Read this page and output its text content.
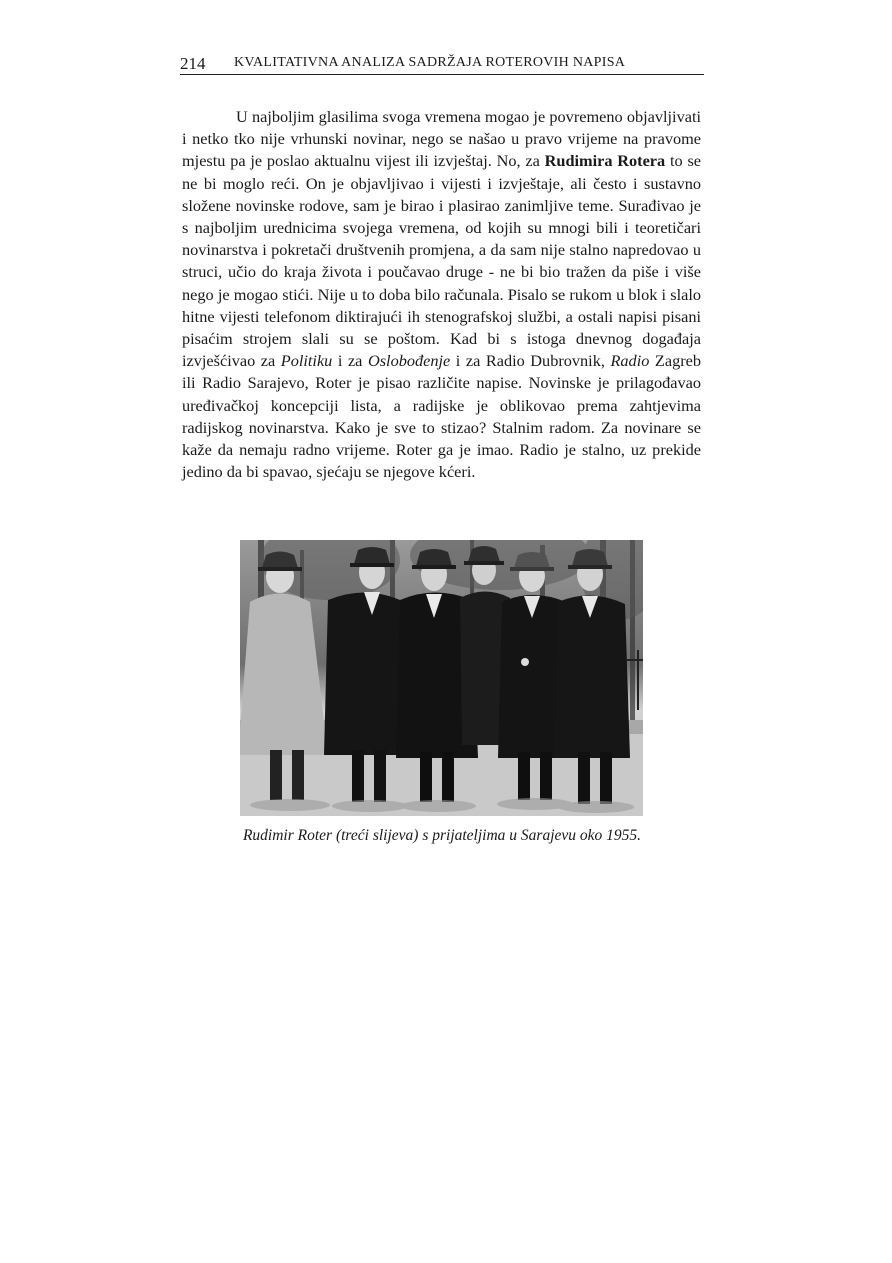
214 KVALITATIVNA ANALIZA SADRŽAJA ROTEROVIH NAPISA

U najboljim glasilima svoga vremena mogao je povremeno objavljivati i netko tko nije vrhunski novinar, nego se našao u pravo vrijeme na pravome mjestu pa je poslao aktualnu vijest ili izvještaj. No, za Rudimira Rotera to se ne bi moglo reći. On je objavljivao i vijesti i izvještaje, ali često i sustavno složene novinske rodove, sam je birao i plasirao zanimljive teme. Surađivao je s najboljim urednicima svojega vremena, od kojih su mnogi bili i teoretičari novinarstva i pokretači društvenih promjena, a da sam nije stalno napredovao u struci, učio do kraja života i poučavao druge - ne bi bio tražen da piše i više nego je mogao stići. Nije u to doba bilo računala. Pisalo se rukom u blok i slalo hitne vijesti telefonom diktirajući ih stenografskoj službi, a ostali napisi pisani pisaćim strojem slali su se poštom. Kad bi s istoga dnevnog događaja izvješćivao za Politiku i za Oslobođenje i za Radio Dubrovnik, Radio Zagreb ili Radio Sarajevo, Roter je pisao različite napise. Novinske je prilagođavao uređivačkoj koncepciji lista, a radijske je oblikovao prema zahtjevima radijskog novinarstva. Kako je sve to stizao? Stalnim radom. Za novinare se kaže da nemaju radno vrijeme. Roter ga je imao. Radio je stalno, uz prekide jedino da bi spavao, sjećaju se njegove kćeri.

Rudimir Roter (treći slijeva) s prijateljima u Sarajevu oko 1955.
